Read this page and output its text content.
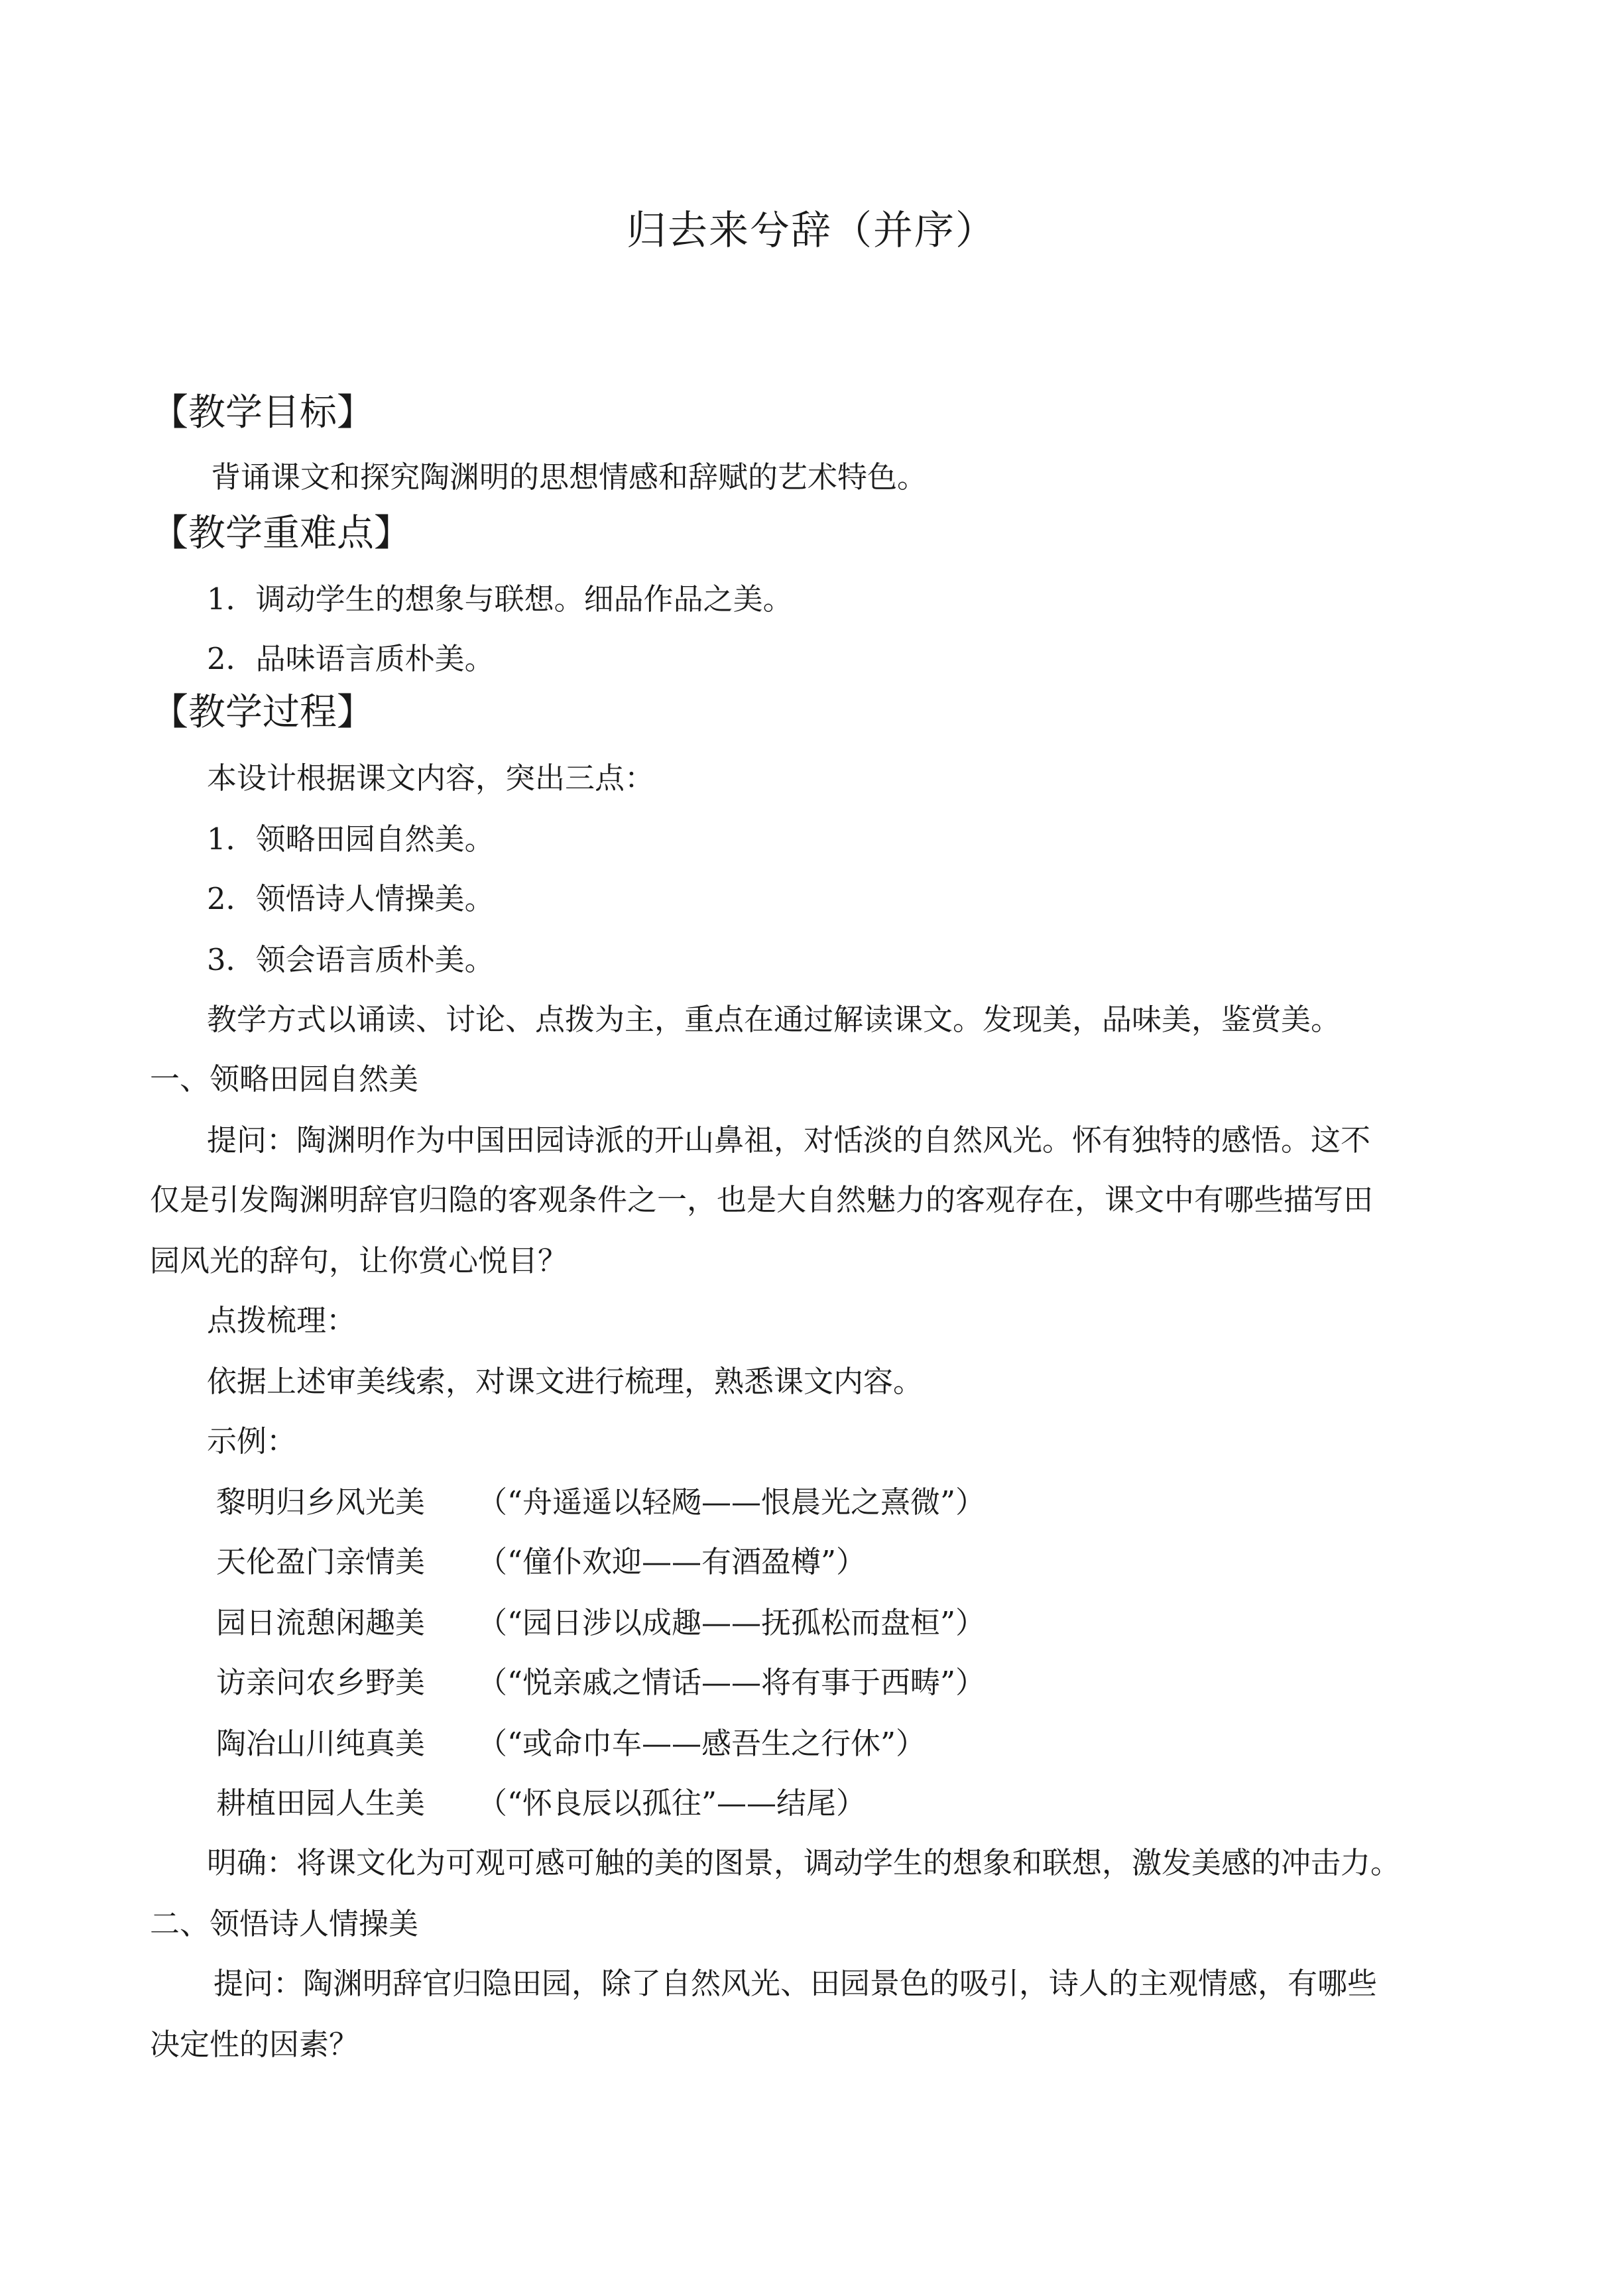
归去来兮辞（并序）
【教学目标】
背诵课文和探究陶渊明的思想情感和辞赋的艺术特色。
【教学重难点】
1．调动学生的想象与联想。细品作品之美。
2．品味语言质朴美。
【教学过程】
本设计根据课文内容，突出三点：
1．领略田园自然美。
2．领悟诗人情操美。
3．领会语言质朴美。
教学方式以诵读、讨论、点拨为主，重点在通过解读课文。发现美，品味美，鉴赏美。
一、领略田园自然美
提问：陶渊明作为中国田园诗派的开山鼻祖，对恬淡的自然风光。怀有独特的感悟。这不
仅是引发陶渊明辞官归隐的客观条件之一，也是大自然魅力的客观存在，课文中有哪些描写田
园风光的辞句，让你赏心悦目？
点拨梳理：
依据上述审美线索，对课文进行梳理，熟悉课文内容。
示例：
黎明归乡风光美 （“舟遥遥以轻飏——恨晨光之熹微”）
天伦盈门亲情美 （“僮仆欢迎——有酒盈樽”）
园日流憩闲趣美 （“园日涉以成趣——抚孤松而盘桓”）
访亲问农乡野美 （“悦亲戚之情话——将有事于西畴”）
陶冶山川纯真美 （“或命巾车——感吾生之行休”）
耕植田园人生美 （“怀良辰以孤往”——结尾）
明确：将课文化为可观可感可触的美的图景，调动学生的想象和联想，激发美感的冲击力。
二、领悟诗人情操美
提问：陶渊明辞官归隐田园，除了自然风光、田园景色的吸引，诗人的主观情感，有哪些
决定性的因素？
